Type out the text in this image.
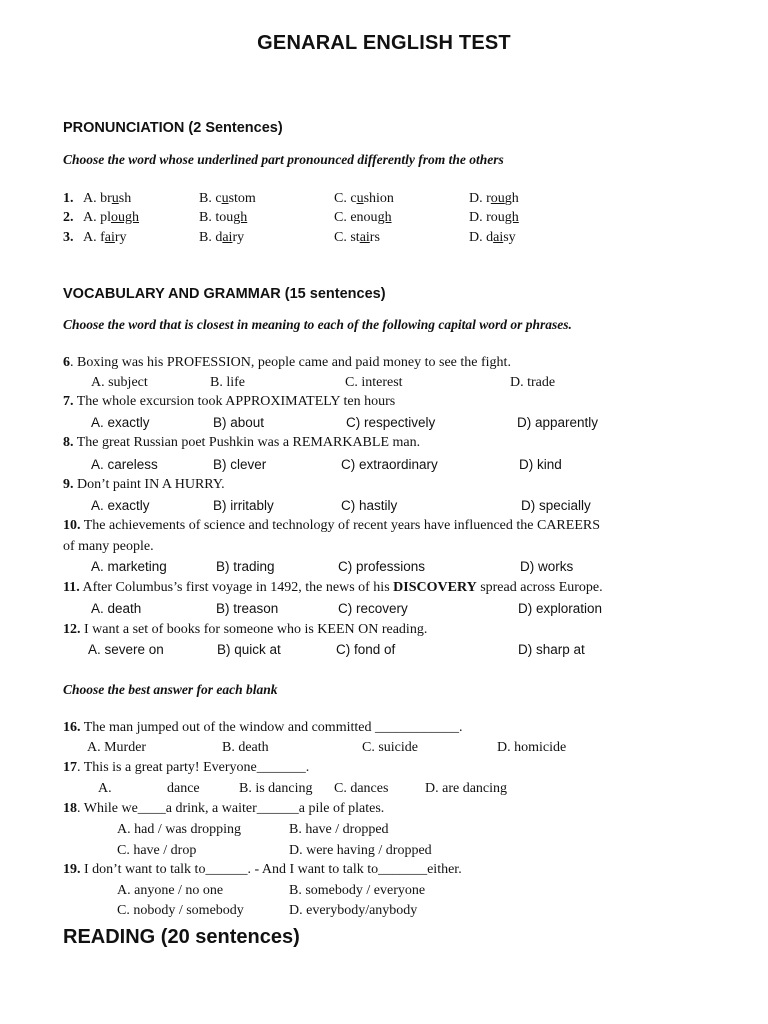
GENARAL ENGLISH TEST
PRONUNCIATION (2 Sentences)
Choose the word whose underlined part pronounced differently from the others
1. A. brush	B. custom	C. cushion	D. rough
2. A. plough	B. tough	C. enough	D. rough
3. A. fairy	B. dairy	C. stairs	D. daisy
VOCABULARY AND GRAMMAR (15 sentences)
Choose the word that is closest in meaning to each of the following capital word or phrases.
6. Boxing was his PROFESSION, people came and paid money to see the fight.
A. subject	B. life	C. interest	D. trade
7. The whole excursion took APPROXIMATELY ten hours
A. exactly	B) about	C) respectively	D) apparently
8. The great Russian poet Pushkin was a REMARKABLE man.
A. careless	B) clever	C) extraordinary	D) kind
9. Don’t paint IN A HURRY.
A. exactly	B) irritably	C) hastily	D) specially
10. The achievements of science and technology of recent years have influenced the CAREERS
of many people.
A. marketing	B) trading	C) professions	D) works
11. After Columbus’s first voyage in 1492, the news of his DISCOVERY spread across Europe.
A. death	B) treason	C) recovery	D) exploration
12. I want a set of books for someone who is KEEN ON reading.
A. severe on	B) quick at	C) fond of	D) sharp at
Choose the best answer for each blank
16. The man jumped out of the window and committed ____________.
A. Murder	B. death	C. suicide	D. homicide
17. This is a great party! Everyone_______.
A.	dance	B. is dancing C. dances	D. are dancing
18. While we____a drink, a waiter______a pile of plates.
A. had / was dropping	B. have / dropped
C. have / drop	D. were having / dropped
19. I don’t want to talk to______. - And I want to talk to_______either.
A. anyone / no one	B. somebody / everyone
C. nobody / somebody	D. everybody/anybody
READING (20 sentences)
